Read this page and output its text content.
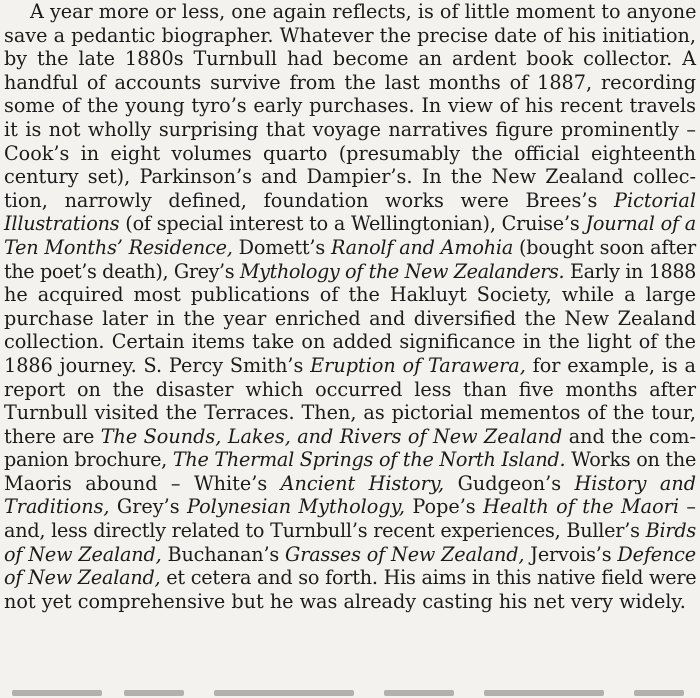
A year more or less, one again reflects, is of little moment to anyone
save a pedantic biographer. Whatever the precise date of his initiation,
by the late 1880s Turnbull had become an ardent book collector. A
handful of accounts survive from the last months of 1887, recording
some of the young tyro’s early purchases. In view of his recent travels
it is not wholly surprising that voyage narratives figure prominently –
Cook’s in eight volumes quarto (presumably the official eighteenth
century set), Parkinson’s and Dampier’s. In the New Zealand collec-
tion, narrowly defined, foundation works were Brees’s Pictorial
Illustrations (of special interest to a Wellingtonian), Cruise’s Journal of a
Ten Months’ Residence, Domett’s Ranolf and Amohia (bought soon after
the poet’s death), Grey’s Mythology of the New Zealanders. Early in 1888
he acquired most publications of the Hakluyt Society, while a large
purchase later in the year enriched and diversified the New Zealand
collection. Certain items take on added significance in the light of the
1886 journey. S. Percy Smith’s Eruption of Tarawera, for example, is a
report on the disaster which occurred less than five months after
Turnbull visited the Terraces. Then, as pictorial mementos of the tour,
there are The Sounds, Lakes, and Rivers of New Zealand and the com-
panion brochure, The Thermal Springs of the North Island. Works on the
Maoris abound – White’s Ancient History, Gudgeon’s History and
Traditions, Grey’s Polynesian Mythology, Pope’s Health of the Maori –
and, less directly related to Turnbull’s recent experiences, Buller’s Birds
of New Zealand, Buchanan’s Grasses of New Zealand, Jervois’s Defence
of New Zealand, et cetera and so forth. His aims in this native field were
not yet comprehensive but he was already casting his net very widely.
